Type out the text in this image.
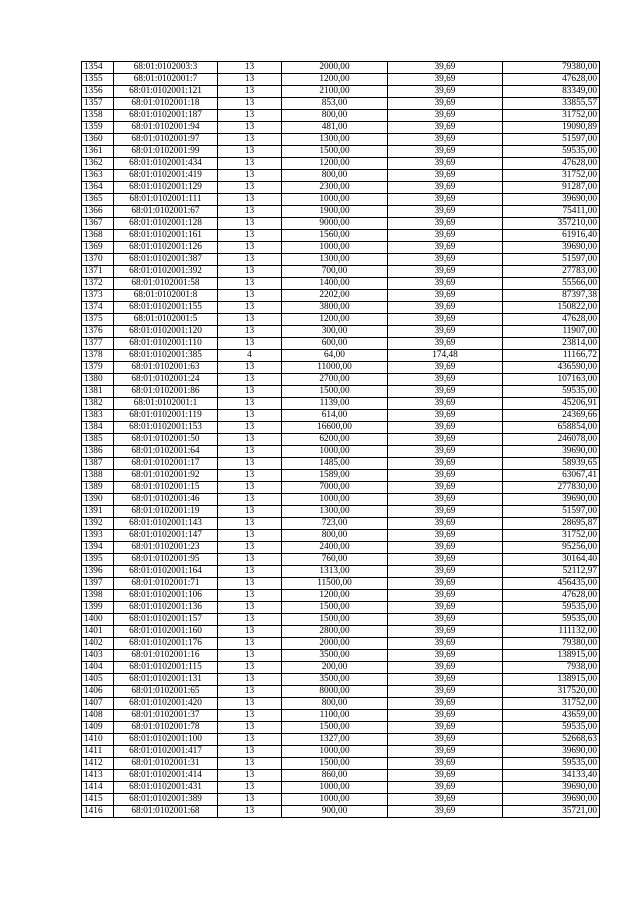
1354	68:01:0102003:3	13	2000,00	39,69	79380,00
1355	68:01:0102001:7	13	1200,00	39,69	47628,00
1356	68:01:0102001:121	13	2100,00	39,69	83349,00
1357	68:01:0102001:18	13	853,00	39,69	33855,57
1358	68:01:0102001:187	13	800,00	39,69	31752,00
1359	68:01:0102001:94	13	481,00	39,69	19090,89
1360	68:01:0102001:97	13	1300,00	39,69	51597,00
1361	68:01:0102001:99	13	1500,00	39,69	59535,00
1362	68:01:0102001:434	13	1200,00	39,69	47628,00
1363	68:01:0102001:419	13	800,00	39,69	31752,00
1364	68:01:0102001:129	13	2300,00	39,69	91287,00
1365	68:01:0102001:111	13	1000,00	39,69	39690,00
1366	68:01:0102001:67	13	1900,00	39,69	75411,00
1367	68:01:0102001:128	13	9000,00	39,69	357210,00
1368	68:01:0102001:161	13	1560,00	39,69	61916,40
1369	68:01:0102001:126	13	1000,00	39,69	39690,00
1370	68:01:0102001:387	13	1300,00	39,69	51597,00
1371	68:01:0102001:392	13	700,00	39,69	27783,00
1372	68:01:0102001:58	13	1400,00	39,69	55566,00
1373	68:01:0102001:8	13	2202,00	39,69	87397,38
1374	68:01:0102001:155	13	3800,00	39,69	150822,00
1375	68:01:0102001:5	13	1200,00	39,69	47628,00
1376	68:01:0102001:120	13	300,00	39,69	11907,00
1377	68:01:0102001:110	13	600,00	39,69	23814,00
1378	68:01:0102001:385	4	64,00	174,48	11166,72
1379	68:01:0102001:63	13	11000,00	39,69	436590,00
1380	68:01:0102001:24	13	2700,00	39,69	107163,00
1381	68:01:0102001:86	13	1500,00	39,69	59535,00
1382	68:01:0102001:1	13	1139,00	39,69	45206,91
1383	68:01:0102001:119	13	614,00	39,69	24369,66
1384	68:01:0102001:153	13	16600,00	39,69	658854,00
1385	68:01:0102001:50	13	6200,00	39,69	246078,00
1386	68:01:0102001:64	13	1000,00	39,69	39690,00
1387	68:01:0102001:17	13	1485,00	39,69	58939,65
1388	68:01:0102001:92	13	1589,00	39,69	63067,41
1389	68:01:0102001:15	13	7000,00	39,69	277830,00
1390	68:01:0102001:46	13	1000,00	39,69	39690,00
1391	68:01:0102001:19	13	1300,00	39,69	51597,00
1392	68:01:0102001:143	13	723,00	39,69	28695,87
1393	68:01:0102001:147	13	800,00	39,69	31752,00
1394	68:01:0102001:23	13	2400,00	39,69	95256,00
1395	68:01:0102001:95	13	760,00	39,69	30164,40
1396	68:01:0102001:164	13	1313,00	39,69	52112,97
1397	68:01:0102001:71	13	11500,00	39,69	456435,00
1398	68:01:0102001:106	13	1200,00	39,69	47628,00
1399	68:01:0102001:136	13	1500,00	39,69	59535,00
1400	68:01:0102001:157	13	1500,00	39,69	59535,00
1401	68:01:0102001:160	13	2800,00	39,69	111132,00
1402	68:01:0102001:176	13	2000,00	39,69	79380,00
1403	68:01:0102001:16	13	3500,00	39,69	138915,00
1404	68:01:0102001:115	13	200,00	39,69	7938,00
1405	68:01:0102001:131	13	3500,00	39,69	138915,00
1406	68:01:0102001:65	13	8000,00	39,69	317520,00
1407	68:01:0102001:420	13	800,00	39,69	31752,00
1408	68:01:0102001:37	13	1100,00	39,69	43659,00
1409	68:01:0102001:78	13	1500,00	39,69	59535,00
1410	68:01:0102001:100	13	1327,00	39,69	52668,63
1411	68:01:0102001:417	13	1000,00	39,69	39690,00
1412	68:01:0102001:31	13	1500,00	39,69	59535,00
1413	68:01:0102001:414	13	860,00	39,69	34133,40
1414	68:01:0102001:431	13	1000,00	39,69	39690,00
1415	68:01:0102001:389	13	1000,00	39,69	39690,00
1416	68:01:0102001:68	13	900,00	39,69	35721,00
